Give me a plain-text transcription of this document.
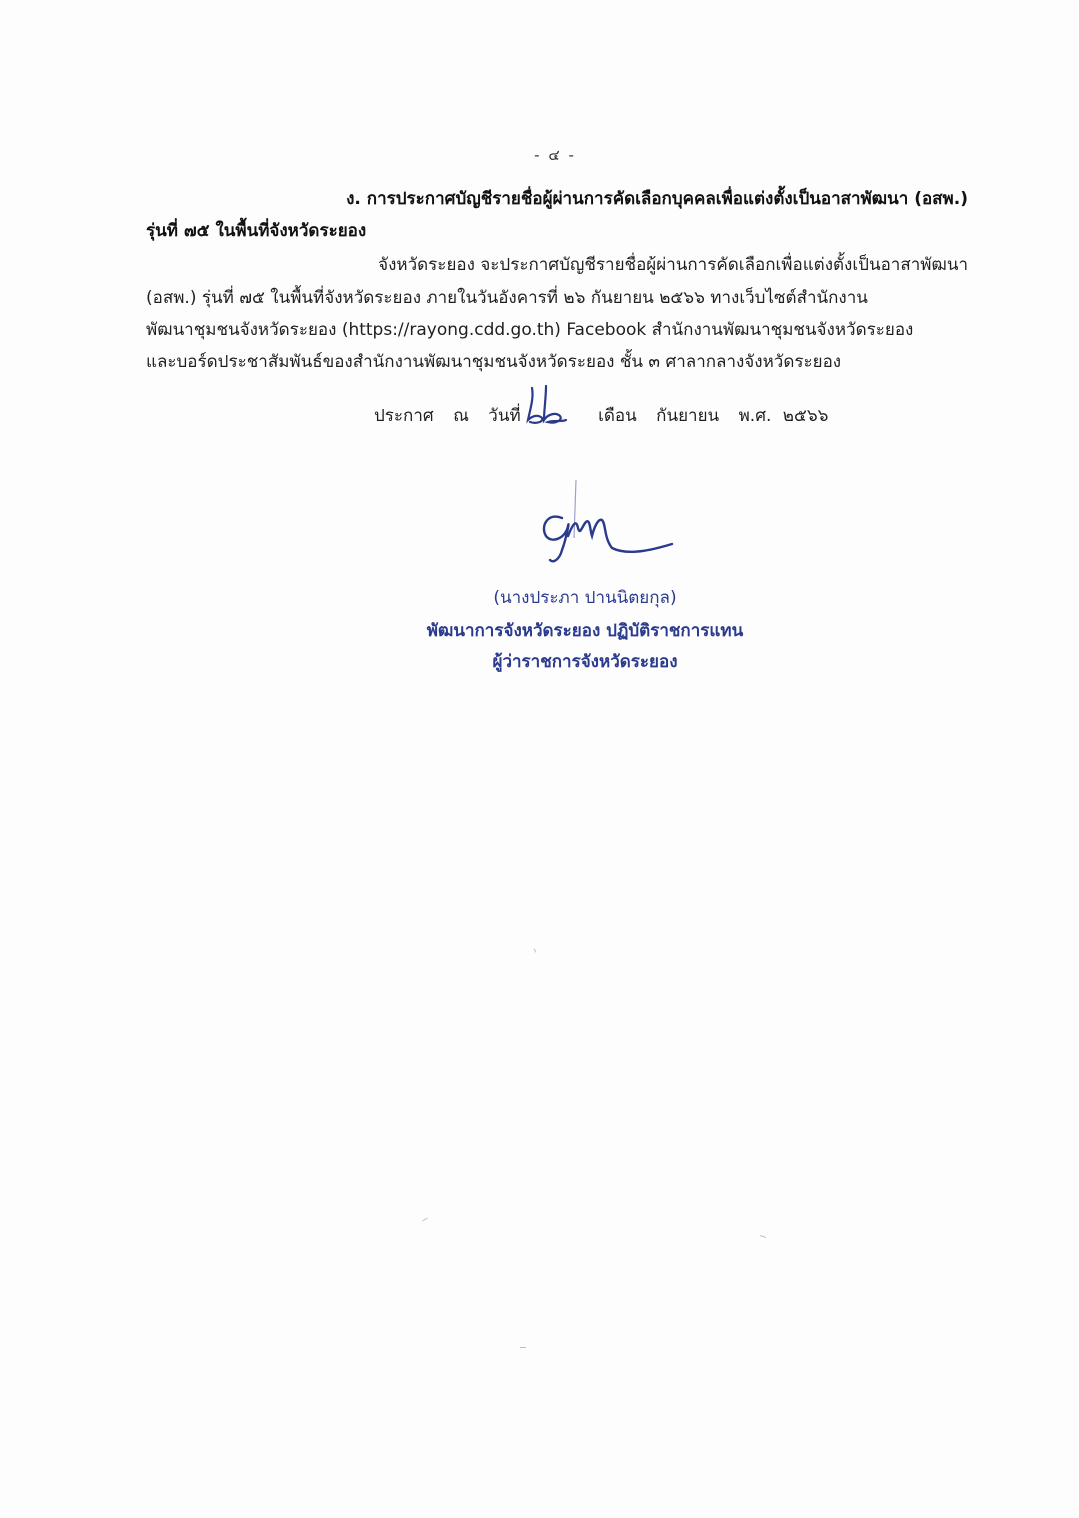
- ๔ -
ง. การประกาศบัญชีรายชื่อผู้ผ่านการคัดเลือกบุคคลเพื่อแต่งตั้งเป็นอาสาพัฒนา (อสพ.)
รุ่นที่ ๗๕ ในพื้นที่จังหวัดระยอง
จังหวัดระยอง จะประกาศบัญชีรายชื่อผู้ผ่านการคัดเลือกเพื่อแต่งตั้งเป็นอาสาพัฒนา
(อสพ.) รุ่นที่ ๗๕ ในพื้นที่จังหวัดระยอง ภายในวันอังคารที่ ๒๖ กันยายน ๒๕๖๖ ทางเว็บไซต์สำนักงาน
พัฒนาชุมชนจังหวัดระยอง (https://rayong.cdd.go.th) Facebook สำนักงานพัฒนาชุมชนจังหวัดระยอง
และบอร์ดประชาสัมพันธ์ของสำนักงานพัฒนาชุมชนจังหวัดระยอง ชั้น ๓ ศาลากลางจังหวัดระยอง
ประกาศ ณ วันที่	เดือน กันยายน พ.ศ. ๒๕๖๖
(นางประภา ปานนิตยกุล)
พัฒนาการจังหวัดระยอง ปฏิบัติราชการแทน
ผู้ว่าราชการจังหวัดระยอง
